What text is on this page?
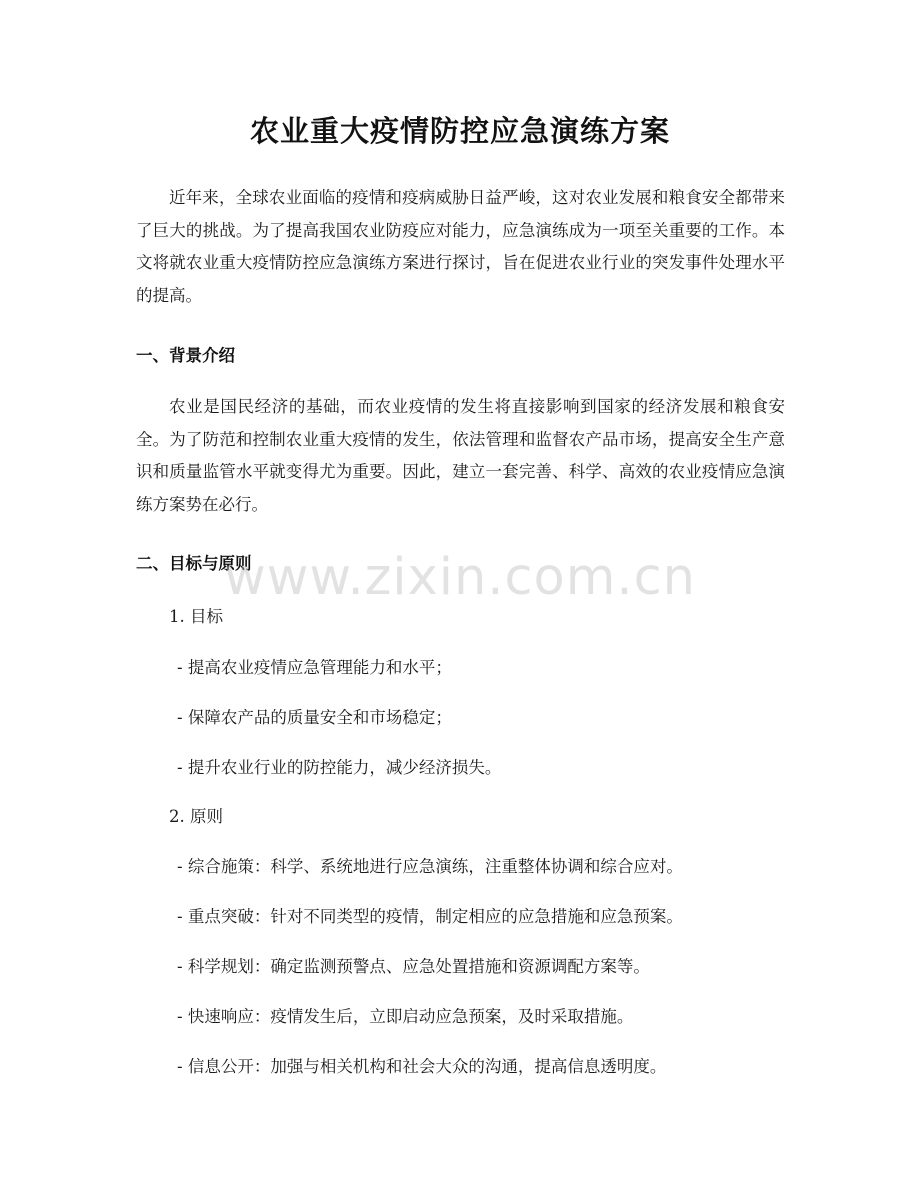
农业重大疫情防控应急演练方案

近年来，全球农业面临的疫情和疫病威胁日益严峻，这对农业发展和粮食安全都带来了巨大的挑战。为了提高我国农业防疫应对能力，应急演练成为一项至关重要的工作。本文将就农业重大疫情防控应急演练方案进行探讨，旨在促进农业行业的突发事件处理水平的提高。

一、背景介绍

农业是国民经济的基础，而农业疫情的发生将直接影响到国家的经济发展和粮食安全。为了防范和控制农业重大疫情的发生，依法管理和监督农产品市场，提高安全生产意识和质量监管水平就变得尤为重要。因此，建立一套完善、科学、高效的农业疫情应急演练方案势在必行。

二、目标与原则
1. 目标
- 提高农业疫情应急管理能力和水平；
- 保障农产品的质量安全和市场稳定；
- 提升农业行业的防控能力，减少经济损失。
2. 原则
- 综合施策：科学、系统地进行应急演练，注重整体协调和综合应对。
- 重点突破：针对不同类型的疫情，制定相应的应急措施和应急预案。
- 科学规划：确定监测预警点、应急处置措施和资源调配方案等。
- 快速响应：疫情发生后，立即启动应急预案，及时采取措施。
- 信息公开：加强与相关机构和社会大众的沟通，提高信息透明度。
www.zixin.com.cn
